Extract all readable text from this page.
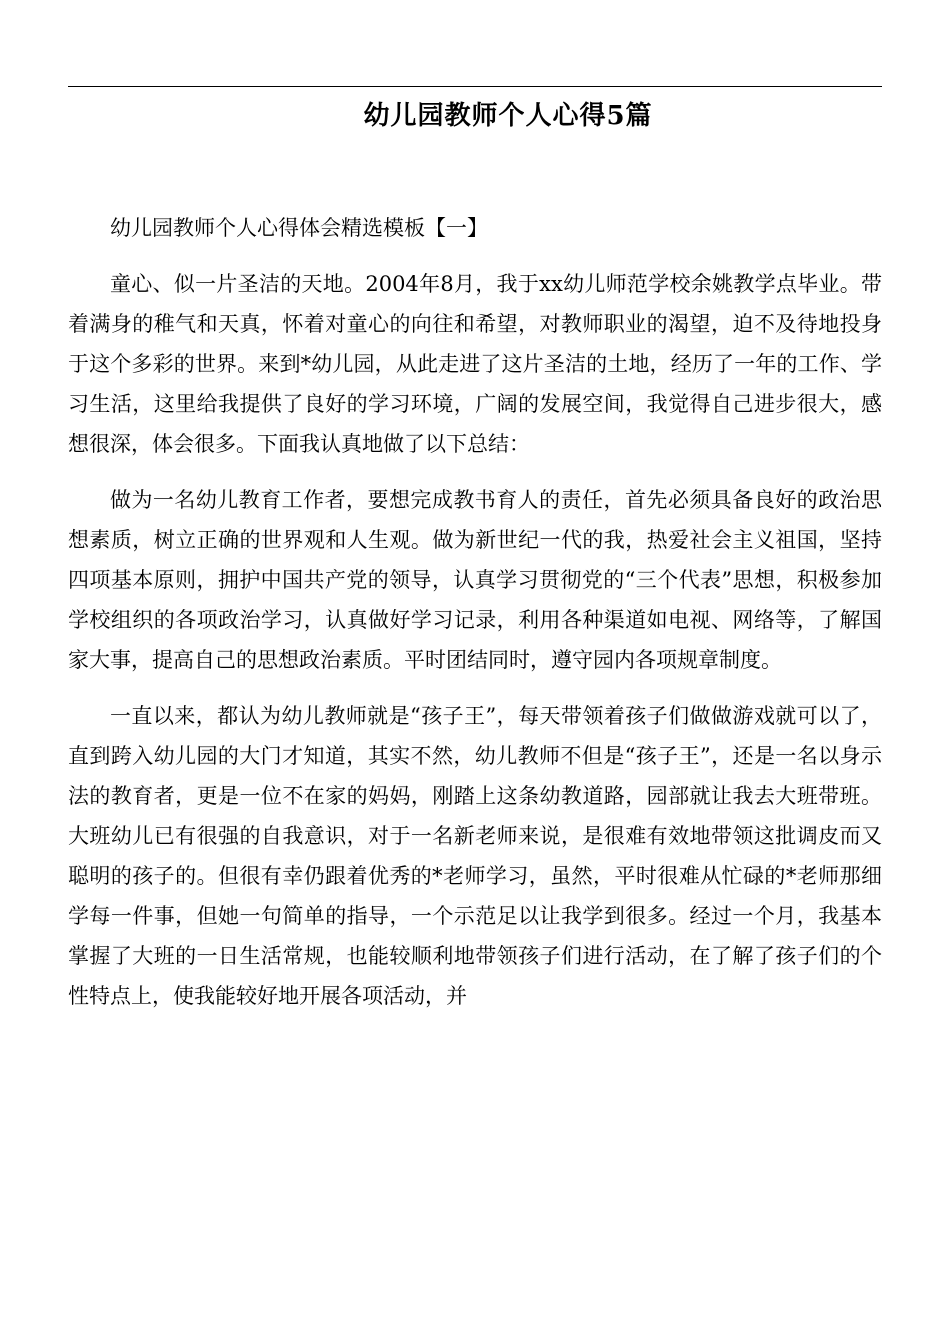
幼儿园教师个人心得5篇

幼儿园教师个人心得体会精选模板【一】

童心、似一片圣洁的天地。2004年8月，我于xx幼儿师范学校余姚教学点毕业。带着满身的稚气和天真，怀着对童心的向往和希望，对教师职业的渴望，迫不及待地投身于这个多彩的世界。来到*幼儿园，从此走进了这片圣洁的土地，经历了一年的工作、学习生活，这里给我提供了良好的学习环境，广阔的发展空间，我觉得自己进步很大，感想很深，体会很多。下面我认真地做了以下总结：

做为一名幼儿教育工作者，要想完成教书育人的责任，首先必须具备良好的政治思想素质，树立正确的世界观和人生观。做为新世纪一代的我，热爱社会主义祖国，坚持四项基本原则，拥护中国共产党的领导，认真学习贯彻党的“三个代表”思想，积极参加学校组织的各项政治学习，认真做好学习记录，利用各种渠道如电视、网络等，了解国家大事，提高自己的思想政治素质。平时团结同时，遵守园内各项规章制度。

一直以来，都认为幼儿教师就是“孩子王”，每天带领着孩子们做做游戏就可以了，直到跨入幼儿园的大门才知道，其实不然，幼儿教师不但是“孩子王”，还是一名以身示法的教育者，更是一位不在家的妈妈，刚踏上这条幼教道路，园部就让我去大班带班。大班幼儿已有很强的自我意识，对于一名新老师来说，是很难有效地带领这批调皮而又聪明的孩子的。但很有幸仍跟着优秀的*老师学习，虽然，平时很难从忙碌的*老师那细学每一件事，但她一句简单的指导，一个示范足以让我学到很多。经过一个月，我基本掌握了大班的一日生活常规，也能较顺利地带领孩子们进行活动，在了解了孩子们的个性特点上，使我能较好地开展各项活动，并
